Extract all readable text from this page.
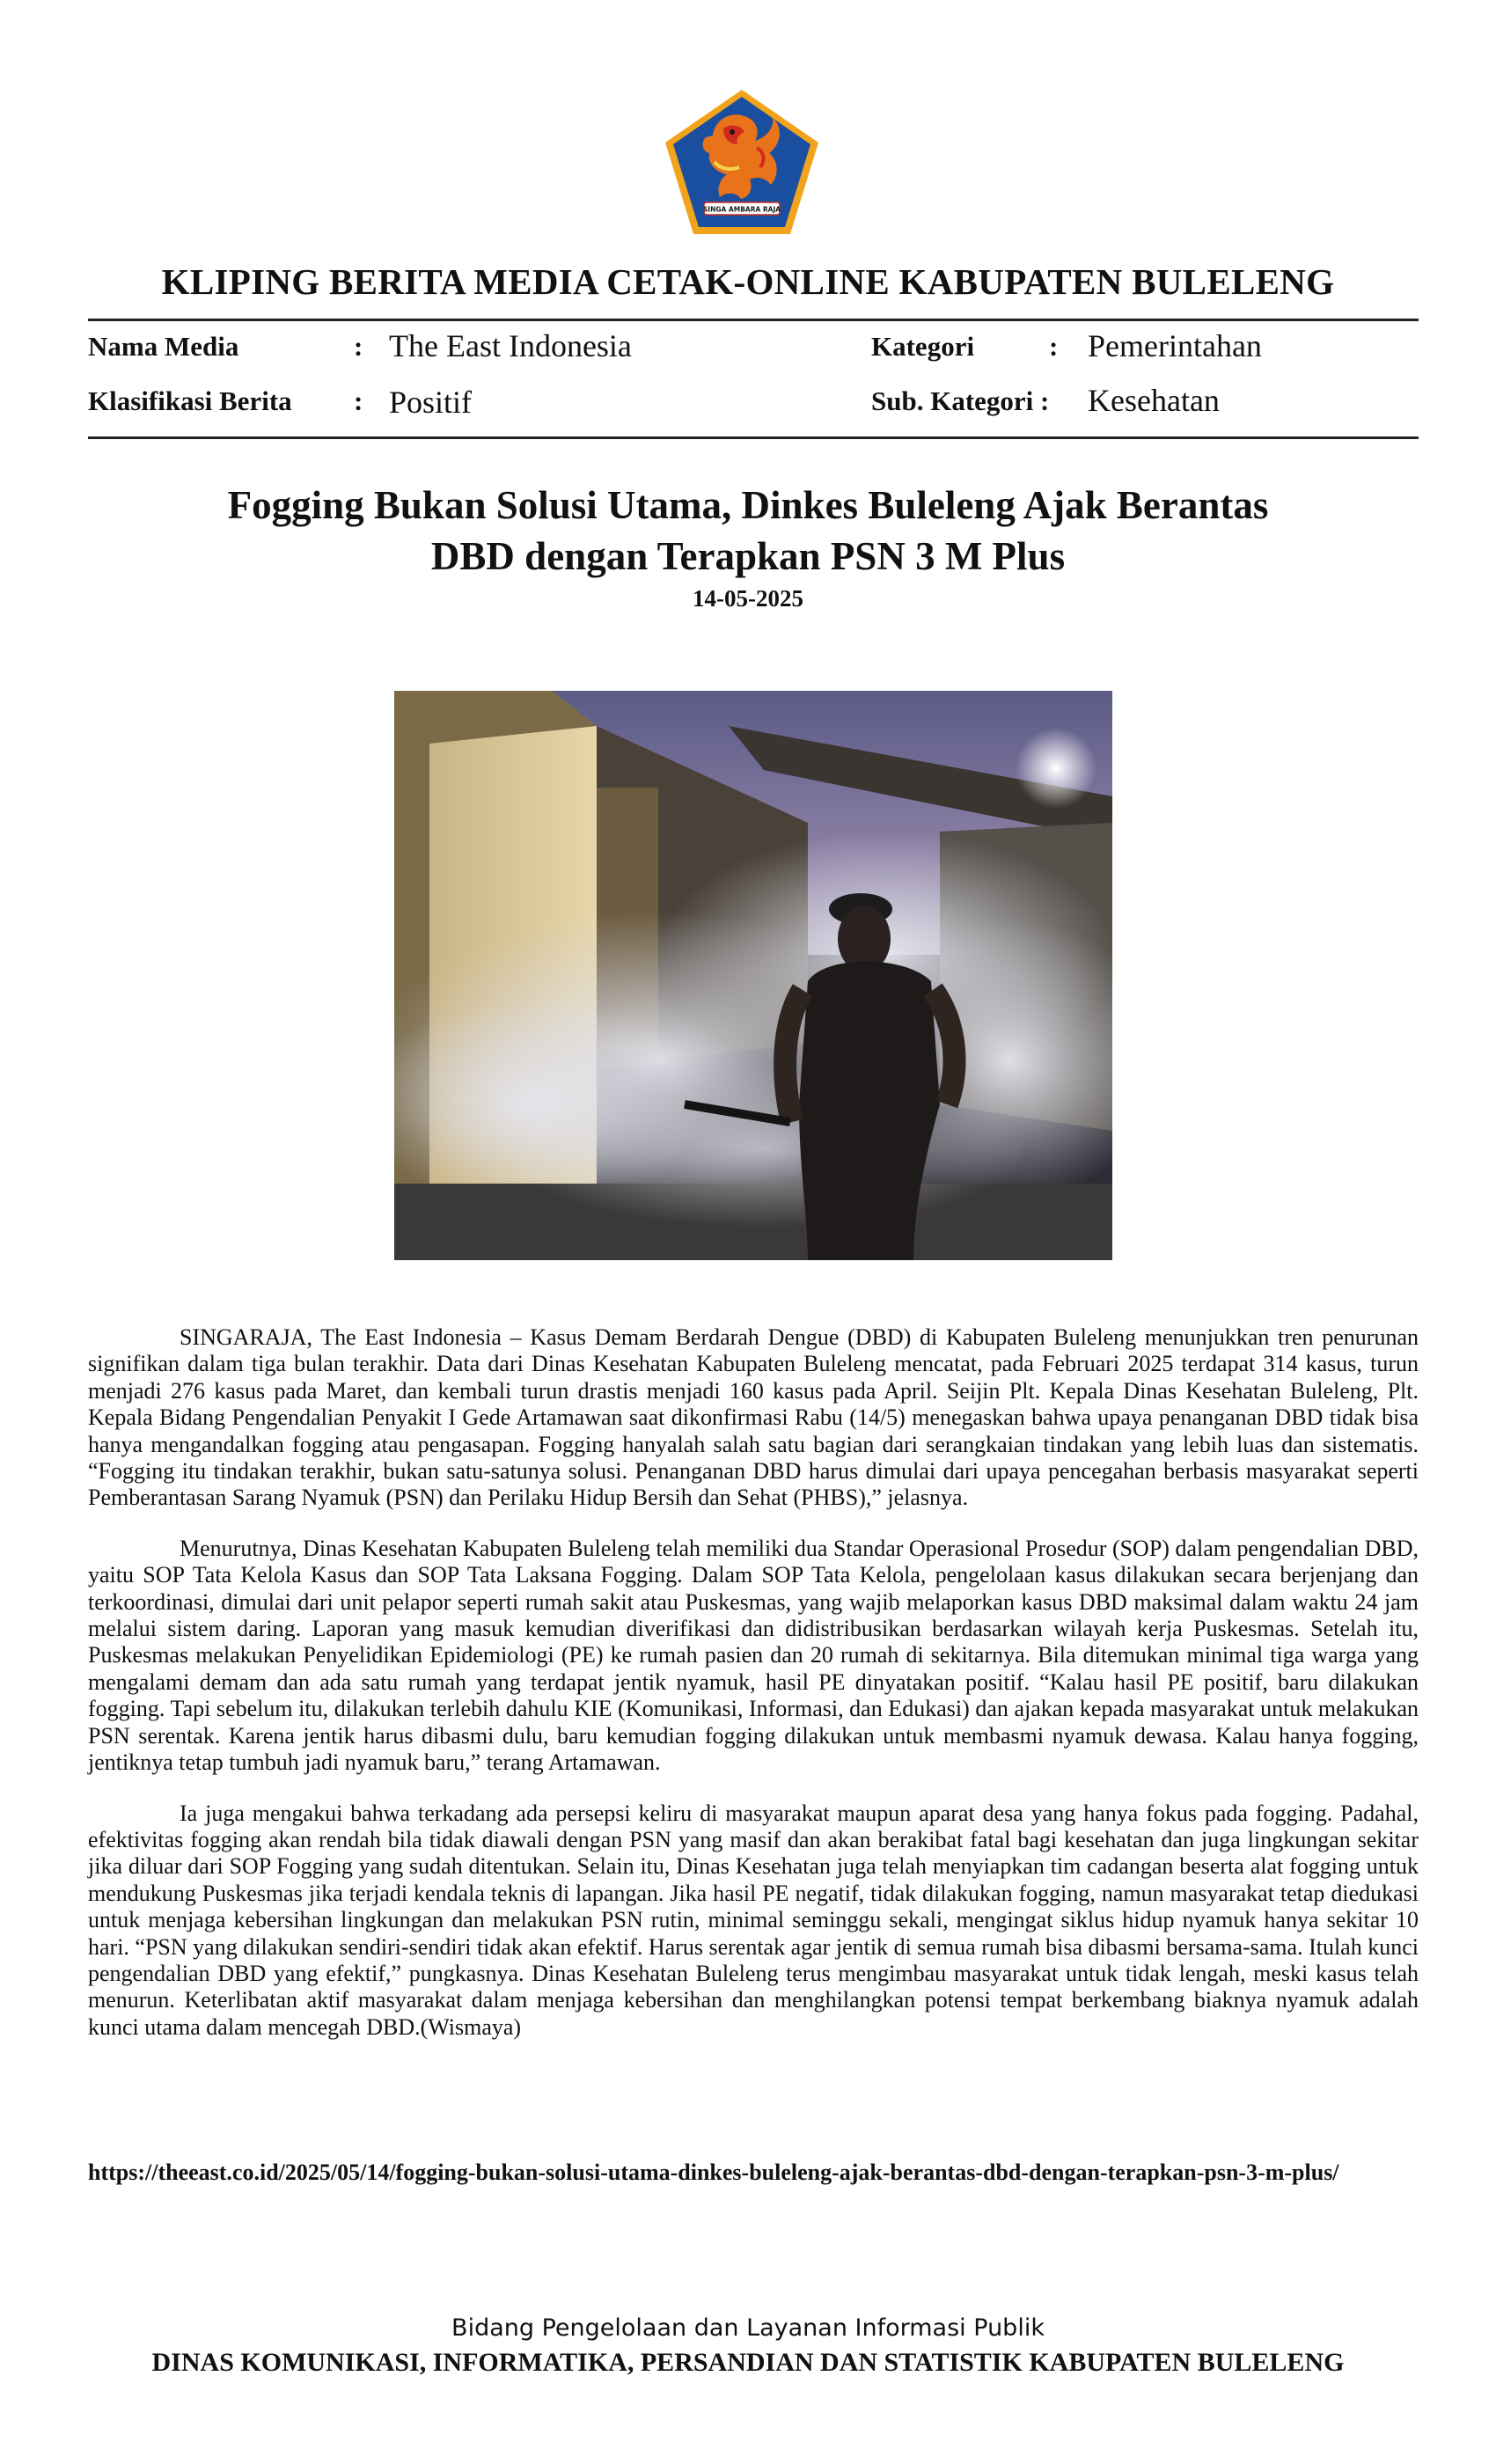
SINGA AMBARA RAJA
KLIPING BERITA MEDIA CETAK-ONLINE KABUPATEN BULELENG
Nama Media	: The East Indonesia	Kategori	: Pemerintahan
Klasifikasi Berita : Positif	Sub. Kategori : Kesehatan
Fogging Bukan Solusi Utama, Dinkes Buleleng Ajak Berantas
DBD dengan Terapkan PSN 3 M Plus
14-05-2025

SINGARAJA, The East Indonesia – Kasus Demam Berdarah Dengue (DBD) di Kabupaten Buleleng menunjukkan tren penurunan signifikan dalam tiga bulan terakhir. Data dari Dinas Kesehatan Kabupaten Buleleng mencatat, pada Februari 2025 terdapat 314 kasus, turun menjadi 276 kasus pada Maret, dan kembali turun drastis menjadi 160 kasus pada April. Seijin Plt. Kepala Dinas Kesehatan Buleleng, Plt. Kepala Bidang Pengendalian Penyakit I Gede Artamawan saat dikonfirmasi Rabu (14/5) menegaskan bahwa upaya penanganan DBD tidak bisa hanya mengandalkan fogging atau pengasapan. Fogging hanyalah salah satu bagian dari serangkaian tindakan yang lebih luas dan sistematis. “Fogging itu tindakan terakhir, bukan satu-satunya solusi. Penanganan DBD harus dimulai dari upaya pencegahan berbasis masyarakat seperti Pemberantasan Sarang Nyamuk (PSN) dan Perilaku Hidup Bersih dan Sehat (PHBS),” jelasnya.

Menurutnya, Dinas Kesehatan Kabupaten Buleleng telah memiliki dua Standar Operasional Prosedur (SOP) dalam pengendalian DBD, yaitu SOP Tata Kelola Kasus dan SOP Tata Laksana Fogging. Dalam SOP Tata Kelola, pengelolaan kasus dilakukan secara berjenjang dan terkoordinasi, dimulai dari unit pelapor seperti rumah sakit atau Puskesmas, yang wajib melaporkan kasus DBD maksimal dalam waktu 24 jam melalui sistem daring. Laporan yang masuk kemudian diverifikasi dan didistribusikan berdasarkan wilayah kerja Puskesmas. Setelah itu, Puskesmas melakukan Penyelidikan Epidemiologi (PE) ke rumah pasien dan 20 rumah di sekitarnya. Bila ditemukan minimal tiga warga yang mengalami demam dan ada satu rumah yang terdapat jentik nyamuk, hasil PE dinyatakan positif. “Kalau hasil PE positif, baru dilakukan fogging. Tapi sebelum itu, dilakukan terlebih dahulu KIE (Komunikasi, Informasi, dan Edukasi) dan ajakan kepada masyarakat untuk melakukan PSN serentak. Karena jentik harus dibasmi dulu, baru kemudian fogging dilakukan untuk membasmi nyamuk dewasa. Kalau hanya fogging, jentiknya tetap tumbuh jadi nyamuk baru,” terang Artamawan.

Ia juga mengakui bahwa terkadang ada persepsi keliru di masyarakat maupun aparat desa yang hanya fokus pada fogging. Padahal, efektivitas fogging akan rendah bila tidak diawali dengan PSN yang masif dan akan berakibat fatal bagi kesehatan dan juga lingkungan sekitar jika diluar dari SOP Fogging yang sudah ditentukan. Selain itu, Dinas Kesehatan juga telah menyiapkan tim cadangan beserta alat fogging untuk mendukung Puskesmas jika terjadi kendala teknis di lapangan. Jika hasil PE negatif, tidak dilakukan fogging, namun masyarakat tetap diedukasi untuk menjaga kebersihan lingkungan dan melakukan PSN rutin, minimal seminggu sekali, mengingat siklus hidup nyamuk hanya sekitar 10 hari. “PSN yang dilakukan sendiri-sendiri tidak akan efektif. Harus serentak agar jentik di semua rumah bisa dibasmi bersama-sama. Itulah kunci pengendalian DBD yang efektif,” pungkasnya. Dinas Kesehatan Buleleng terus mengimbau masyarakat untuk tidak lengah, meski kasus telah menurun. Keterlibatan aktif masyarakat dalam menjaga kebersihan dan menghilangkan potensi tempat berkembang biaknya nyamuk adalah kunci utama dalam mencegah DBD.(Wismaya)

https://theeast.co.id/2025/05/14/fogging-bukan-solusi-utama-dinkes-buleleng-ajak-berantas-dbd-dengan-terapkan-psn-3-m-plus/
Bidang Pengelolaan dan Layanan Informasi Publik
DINAS KOMUNIKASI, INFORMATIKA, PERSANDIAN DAN STATISTIK KABUPATEN BULELENG
